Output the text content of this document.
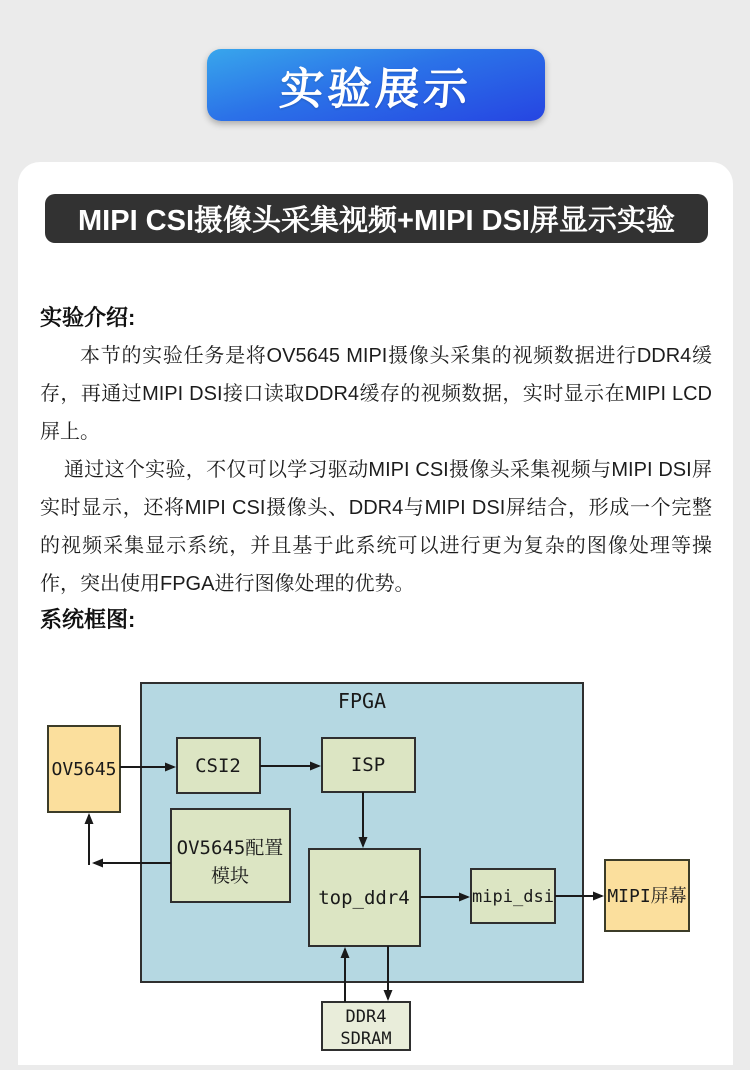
实验展示
MIPI CSI摄像头采集视频+MIPI DSI屏显示实验
实验介绍:

本节的实验任务是将OV5645 MIPI摄像头采集的视频数据进行DDR4缓存，再通过MIPI DSI接口读取DDR4缓存的视频数据，实时显示在MIPI LCD屏上。

通过这个实验，不仅可以学习驱动MIPI CSI摄像头采集视频与MIPI DSI屏实时显示，还将MIPI CSI摄像头、DDR4与MIPI DSI屏结合，形成一个完整的视频采集显示系统，并且基于此系统可以进行更为复杂的图像处理等操作，突出使用FPGA进行图像处理的优势。

系统框图:
FPGA
OV5645	CSI2	ISP
OV5645配置
模块
top_ddr4	mipi_dsi	MIPI屏幕
DDR4
SDRAM
